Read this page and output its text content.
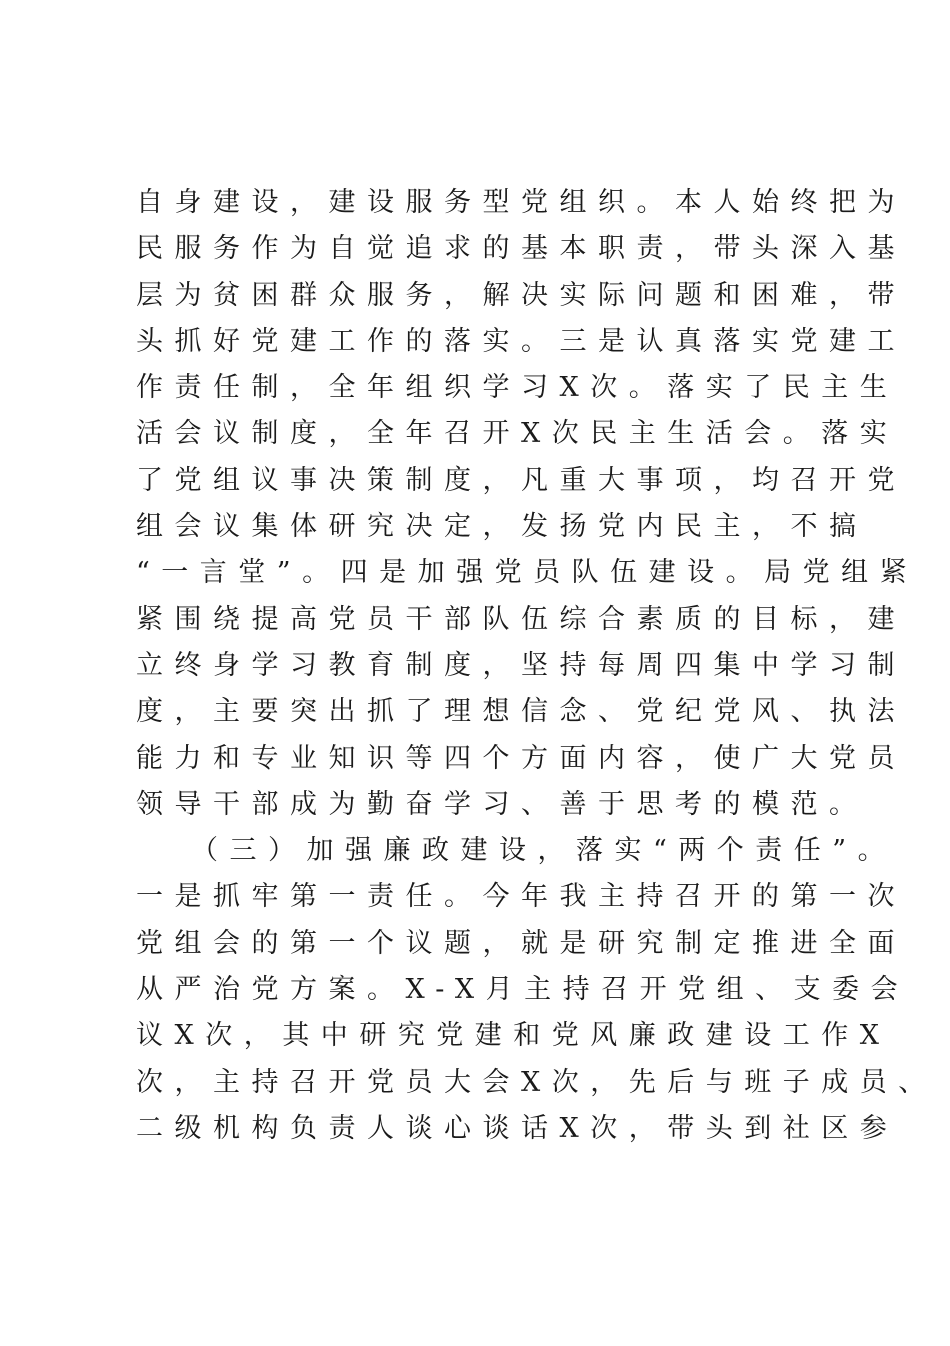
自身建设，建设服务型党组织。本人始终把为
民服务作为自觉追求的基本职责，带头深入基
层为贫困群众服务，解决实际问题和困难，带
头抓好党建工作的落实。三是认真落实党建工
作责任制，全年组织学习X次。落实了民主生
活会议制度，全年召开X次民主生活会。落实
了党组议事决策制度，凡重大事项，均召开党
组会议集体研究决定，发扬党内民主，不搞
“一言堂”。四是加强党员队伍建设。局党组紧
紧围绕提高党员干部队伍综合素质的目标，建
立终身学习教育制度，坚持每周四集中学习制
度，主要突出抓了理想信念、党纪党风、执法
能力和专业知识等四个方面内容，使广大党员
领导干部成为勤奋学习、善于思考的模范。
（三）加强廉政建设，落实“两个责任”。
一是抓牢第一责任。今年我主持召开的第一次
党组会的第一个议题，就是研究制定推进全面
从严治党方案。X-X月主持召开党组、支委会
议X次，其中研究党建和党风廉政建设工作X
次，主持召开党员大会X次，先后与班子成员、
二级机构负责人谈心谈话X次，带头到社区参
